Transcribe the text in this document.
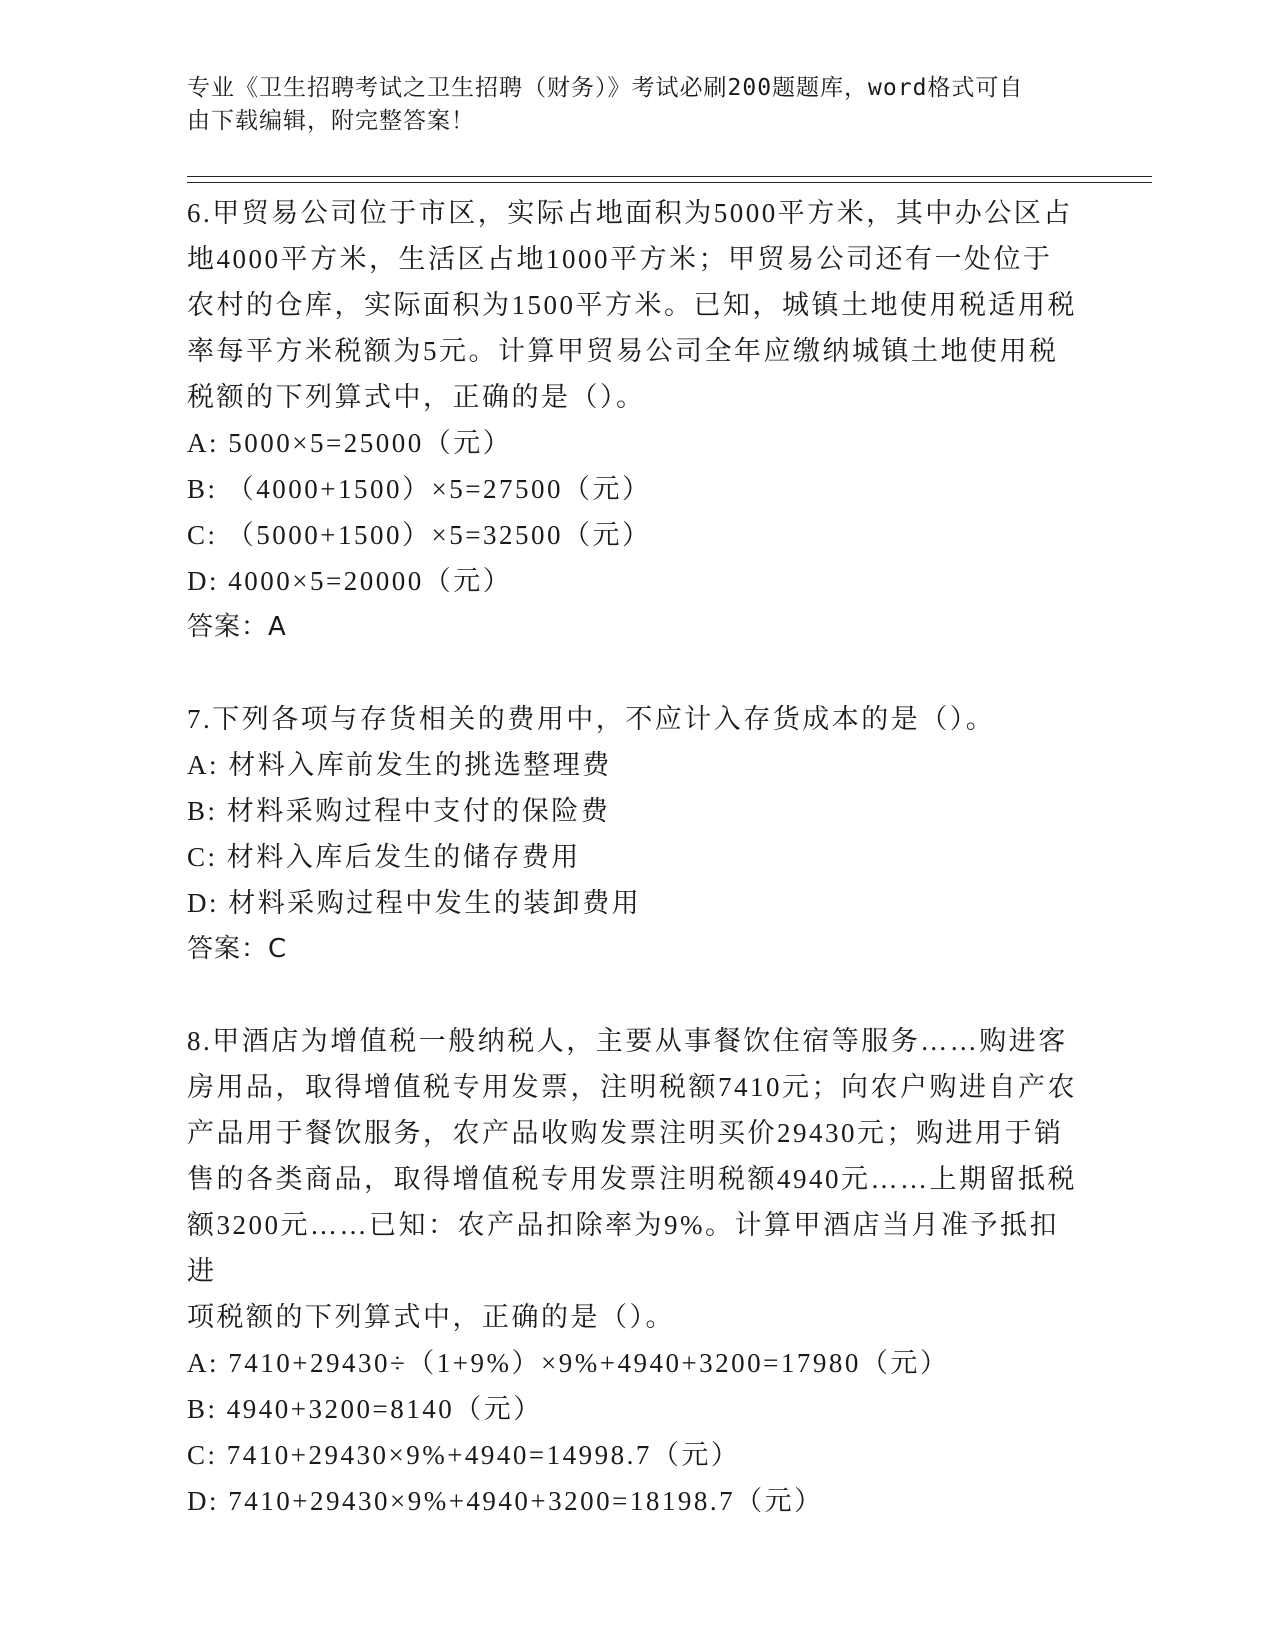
专业《卫生招聘考试之卫生招聘（财务）》考试必刷200题题库，word格式可自
由下载编辑，附完整答案！

6.甲贸易公司位于市区，实际占地面积为5000平方米，其中办公区占

地4000平方米，生活区占地1000平方米；甲贸易公司还有一处位于

农村的仓库，实际面积为1500平方米。已知，城镇土地使用税适用税

率每平方米税额为5元。计算甲贸易公司全年应缴纳城镇土地使用税

税额的下列算式中，正确的是（）。

A: 5000×5=25000（元）

B: （4000+1500）×5=27500（元）

C: （5000+1500）×5=32500（元）

D: 4000×5=20000（元）

答案：A

7.下列各项与存货相关的费用中，不应计入存货成本的是（）。

A: 材料入库前发生的挑选整理费

B: 材料采购过程中支付的保险费

C: 材料入库后发生的储存费用

D: 材料采购过程中发生的装卸费用

答案：C

8.甲酒店为增值税一般纳税人，主要从事餐饮住宿等服务……购进客

房用品，取得增值税专用发票，注明税额7410元；向农户购进自产农

产品用于餐饮服务，农产品收购发票注明买价29430元；购进用于销

售的各类商品，取得增值税专用发票注明税额4940元……上期留抵税

额3200元……已知：农产品扣除率为9%。计算甲酒店当月准予抵扣进

项税额的下列算式中，正确的是（）。

A: 7410+29430÷（1+9%）×9%+4940+3200=17980（元）

B: 4940+3200=8140（元）

C: 7410+29430×9%+4940=14998.7（元）

D: 7410+29430×9%+4940+3200=18198.7（元）
